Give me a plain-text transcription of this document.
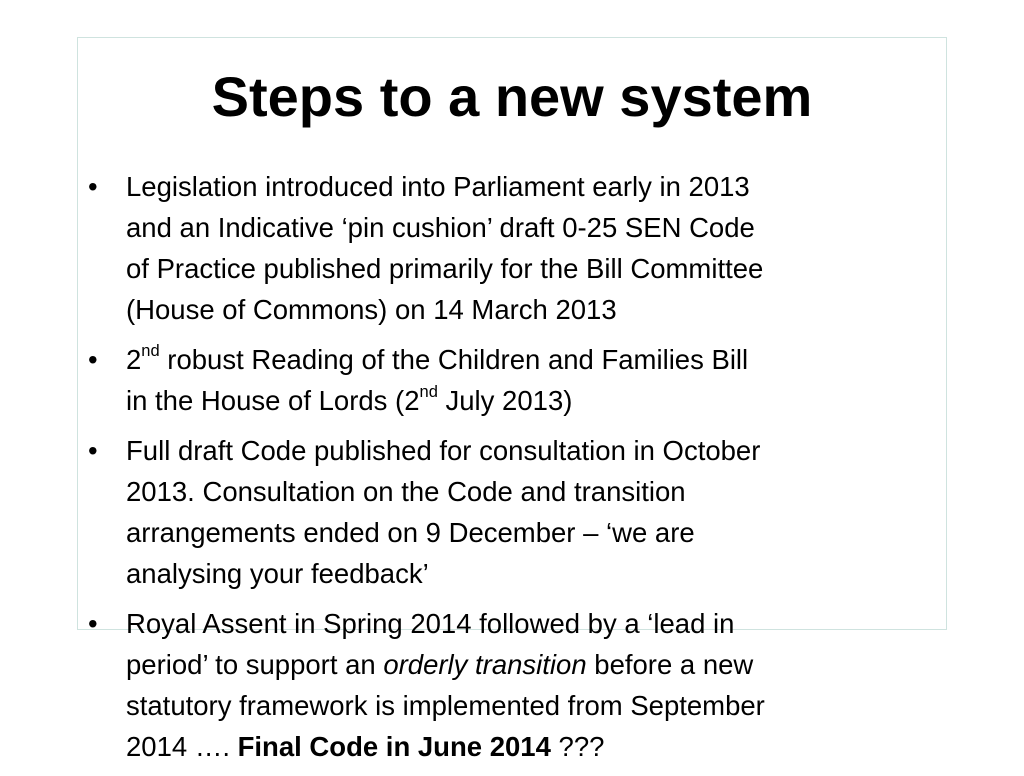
Steps to a new system
•	Legislation introduced into Parliament early in 2013
and an Indicative ‘pin cushion’ draft 0-25 SEN Code
of Practice published primarily for the Bill Committee
(House of Commons) on 14 March 2013
•	2nd robust Reading of the Children and Families Bill
in the House of Lords (2nd July 2013)
•	Full draft Code published for consultation in October
2013. Consultation on the Code and transition
arrangements ended on 9 December – ‘we are
analysing your feedback’
•	Royal Assent in Spring 2014 followed by a ‘lead in
period’ to support an orderly transition before a new
statutory framework is implemented from September
2014 …. Final Code in June 2014 ???
